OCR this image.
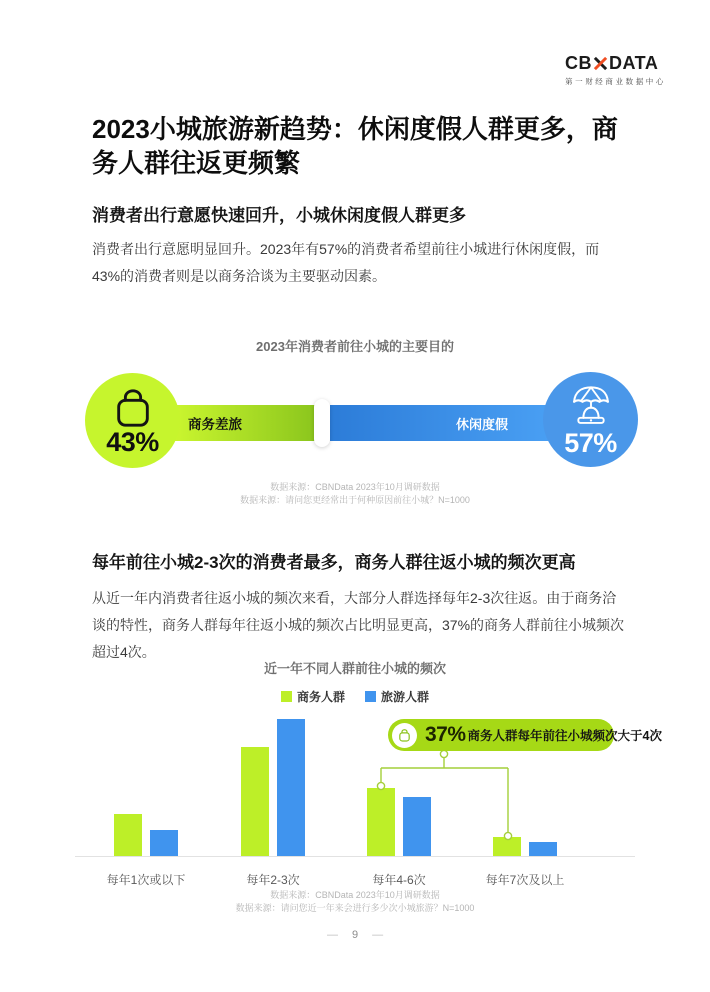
CB DATA
第一财经商业数据中心
2023小城旅游新趋势：休闲度假人群更多，商务人群往返更频繁
消费者出行意愿快速回升，小城休闲度假人群更多

消费者出行意愿明显回升。2023年有57%的消费者希望前往小城进行休闲度假，而43%的消费者则是以商务洽谈为主要驱动因素。

2023年消费者前往小城的主要目的
商务差旅	休闲度假
43%	57%
数据来源：CBNData 2023年10月调研数据
数据来源：请问您更经常出于何种原因前往小城？N=1000
每年前往小城2-3次的消费者最多，商务人群往返小城的频次更高

从近一年内消费者往返小城的频次来看，大部分人群选择每年2-3次往返。由于商务洽谈的特性，商务人群每年往返小城的频次占比明显更高，37%的商务人群前往小城频次超过4次。

近一年不同人群前往小城的频次
商务人群	旅游人群
37% 商务人群每年前往小城频次大于4次
每年1次或以下	每年2-3次	每年4-6次	每年7次及以上
数据来源：CBNData 2023年10月调研数据
数据来源：请问您近一年来会进行多少次小城旅游？N=1000
— 9 —
